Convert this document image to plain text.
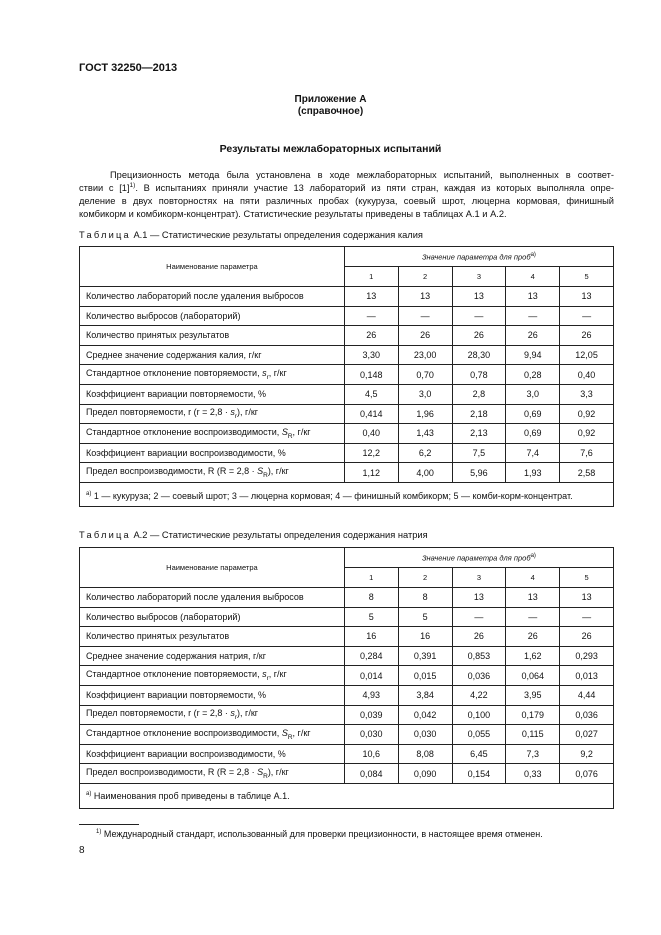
ГОСТ 32250—2013
Приложение А
(справочное)
Результаты межлабораторных испытаний
Прецизионность метода была установлена в ходе межлабораторных испытаний, выполненных в соответ-
ствии с $[1]^{1)}$. В испытаниях приняли участие 13 лабораторий из пяти стран, каждая из которых выполняла опре-
деление в двух повторностях на пяти различных пробах (кукуруза, соевый шрот, люцерна кормовая, финишный
комбикорм и комбикорм-концентрат). Статистические результаты приведены в таблицах А.1 и А.2.
Таблица А.1 — Статистические результаты определения содержания калия
Наименование параметра	Значение параметра для проб$^{а)}$
	1	2	3	4	5
Количество лабораторий после удаления выбросов	13	13	13	13	13
Количество выбросов (лабораторий)	—	—	—	—	—
Количество принятых результатов	26	26	26	26	26
Среднее значение содержания калия, г/кг	3,30	23,00	28,30	9,94	12,05
Стандартное отклонение повторяемости, $s_r$, г/кг	0,148	0,70	0,78	0,28	0,40
Коэффициент вариации повторяемости, %	4,5	3,0	2,8	3,0	3,3
Предел повторяемости, r $(r = 2,8 \cdot s_r)$, г/кг	0,414	1,96	2,18	0,69	0,92
Стандартное отклонение воспроизводимости, $S_R$, г/кг	0,40	1,43	2,13	0,69	0,92
Коэффициент вариации воспроизводимости, %	12,2	6,2	7,5	7,4	7,6
Предел воспроизводимости, R $(R = 2,8 \cdot S_R)$, г/кг	1,12	4,00	5,96	1,93	2,58
$^{а)}$ 1 — кукуруза; 2 — соевый шрот; 3 — люцерна кормовая; 4 — финишный комбикорм; 5 — комби-корм-концентрат.					
Таблица А.2 — Статистические результаты определения содержания натрия
Наименование параметра	Значение параметра для проб$^{а)}$
	1	2	3	4	5
Количество лабораторий после удаления выбросов	8	8	13	13	13
Количество выбросов (лабораторий)	5	5	—	—	—
Количество принятых результатов	16	16	26	26	26
Среднее значение содержания натрия, г/кг	0,284	0,391	0,853	1,62	0,293
Стандартное отклонение повторяемости, $s_r$, г/кг	0,014	0,015	0,036	0,064	0,013
Коэффициент вариации повторяемости, %	4,93	3,84	4,22	3,95	4,44
Предел повторяемости, r $(r = 2,8 \cdot s_r)$, г/кг	0,039	0,042	0,100	0,179	0,036
Стандартное отклонение воспроизводимости, $S_R$, г/кг	0,030	0,030	0,055	0,115	0,027
Коэффициент вариации воспроизводимости, %	10,6	8,08	6,45	7,3	9,2
Предел воспроизводимости, R $(R = 2,8 \cdot S_R)$, г/кг	0,084	0,090	0,154	0,33	0,076
$^{а)}$ Наименования проб приведены в таблице А.1.					
$^{1)}$ Международный стандарт, использованный для проверки прецизионности, в настоящее время отменен.
8
